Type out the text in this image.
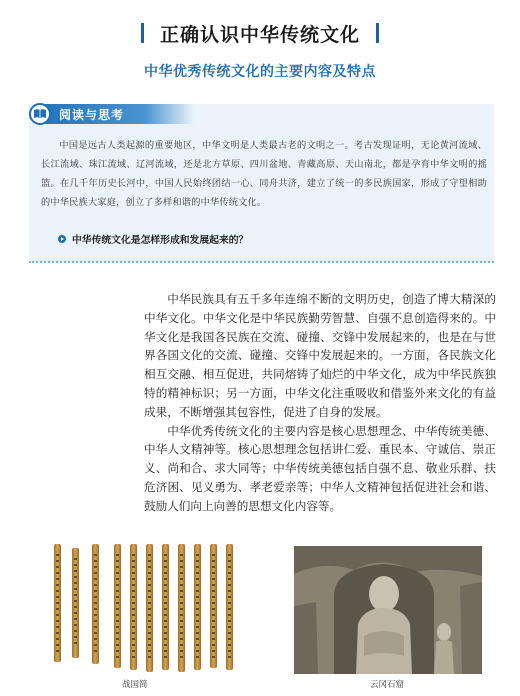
正确认识中华传统文化
中华优秀传统文化的主要内容及特点
阅读与思考
中国是远古人类起源的重要地区，中华文明是人类最古老的文明之一。考古发现证明，无论黄河流域、长江流域、珠江流域、辽河流域，还是北方草原、四川盆地、青藏高原、天山南北，都是孕育中华文明的摇篮。在几千年历史长河中，中国人民始终团结一心、同舟共济，建立了统一的多民族国家，形成了守望相助的中华民族大家庭，创立了多样和谐的中华传统文化。
中华传统文化是怎样形成和发展起来的？

中华民族具有五千多年连绵不断的文明历史，创造了博大精深的中华文化。中华文化是中华民族勤劳智慧、自强不息创造得来的。中华文化是我国各民族在交流、碰撞、交锋中发展起来的，也是在与世界各国文化的交流、碰撞、交锋中发展起来的。一方面，各民族文化相互交融、相互促进，共同熔铸了灿烂的中华文化，成为中华民族独特的精神标识；另一方面，中华文化注重吸收和借鉴外来文化的有益成果，不断增强其包容性，促进了自身的发展。

中华优秀传统文化的主要内容是核心思想理念、中华传统美德、中华人文精神等。核心思想理念包括讲仁爱、重民本、守诚信、崇正义、尚和合、求大同等；中华传统美德包括自强不息、敬业乐群、扶危济困、见义勇为、孝老爱亲等；中华人文精神包括促进社会和谐、鼓励人们向上向善的思想文化内容等。

战国简	云冈石窟
